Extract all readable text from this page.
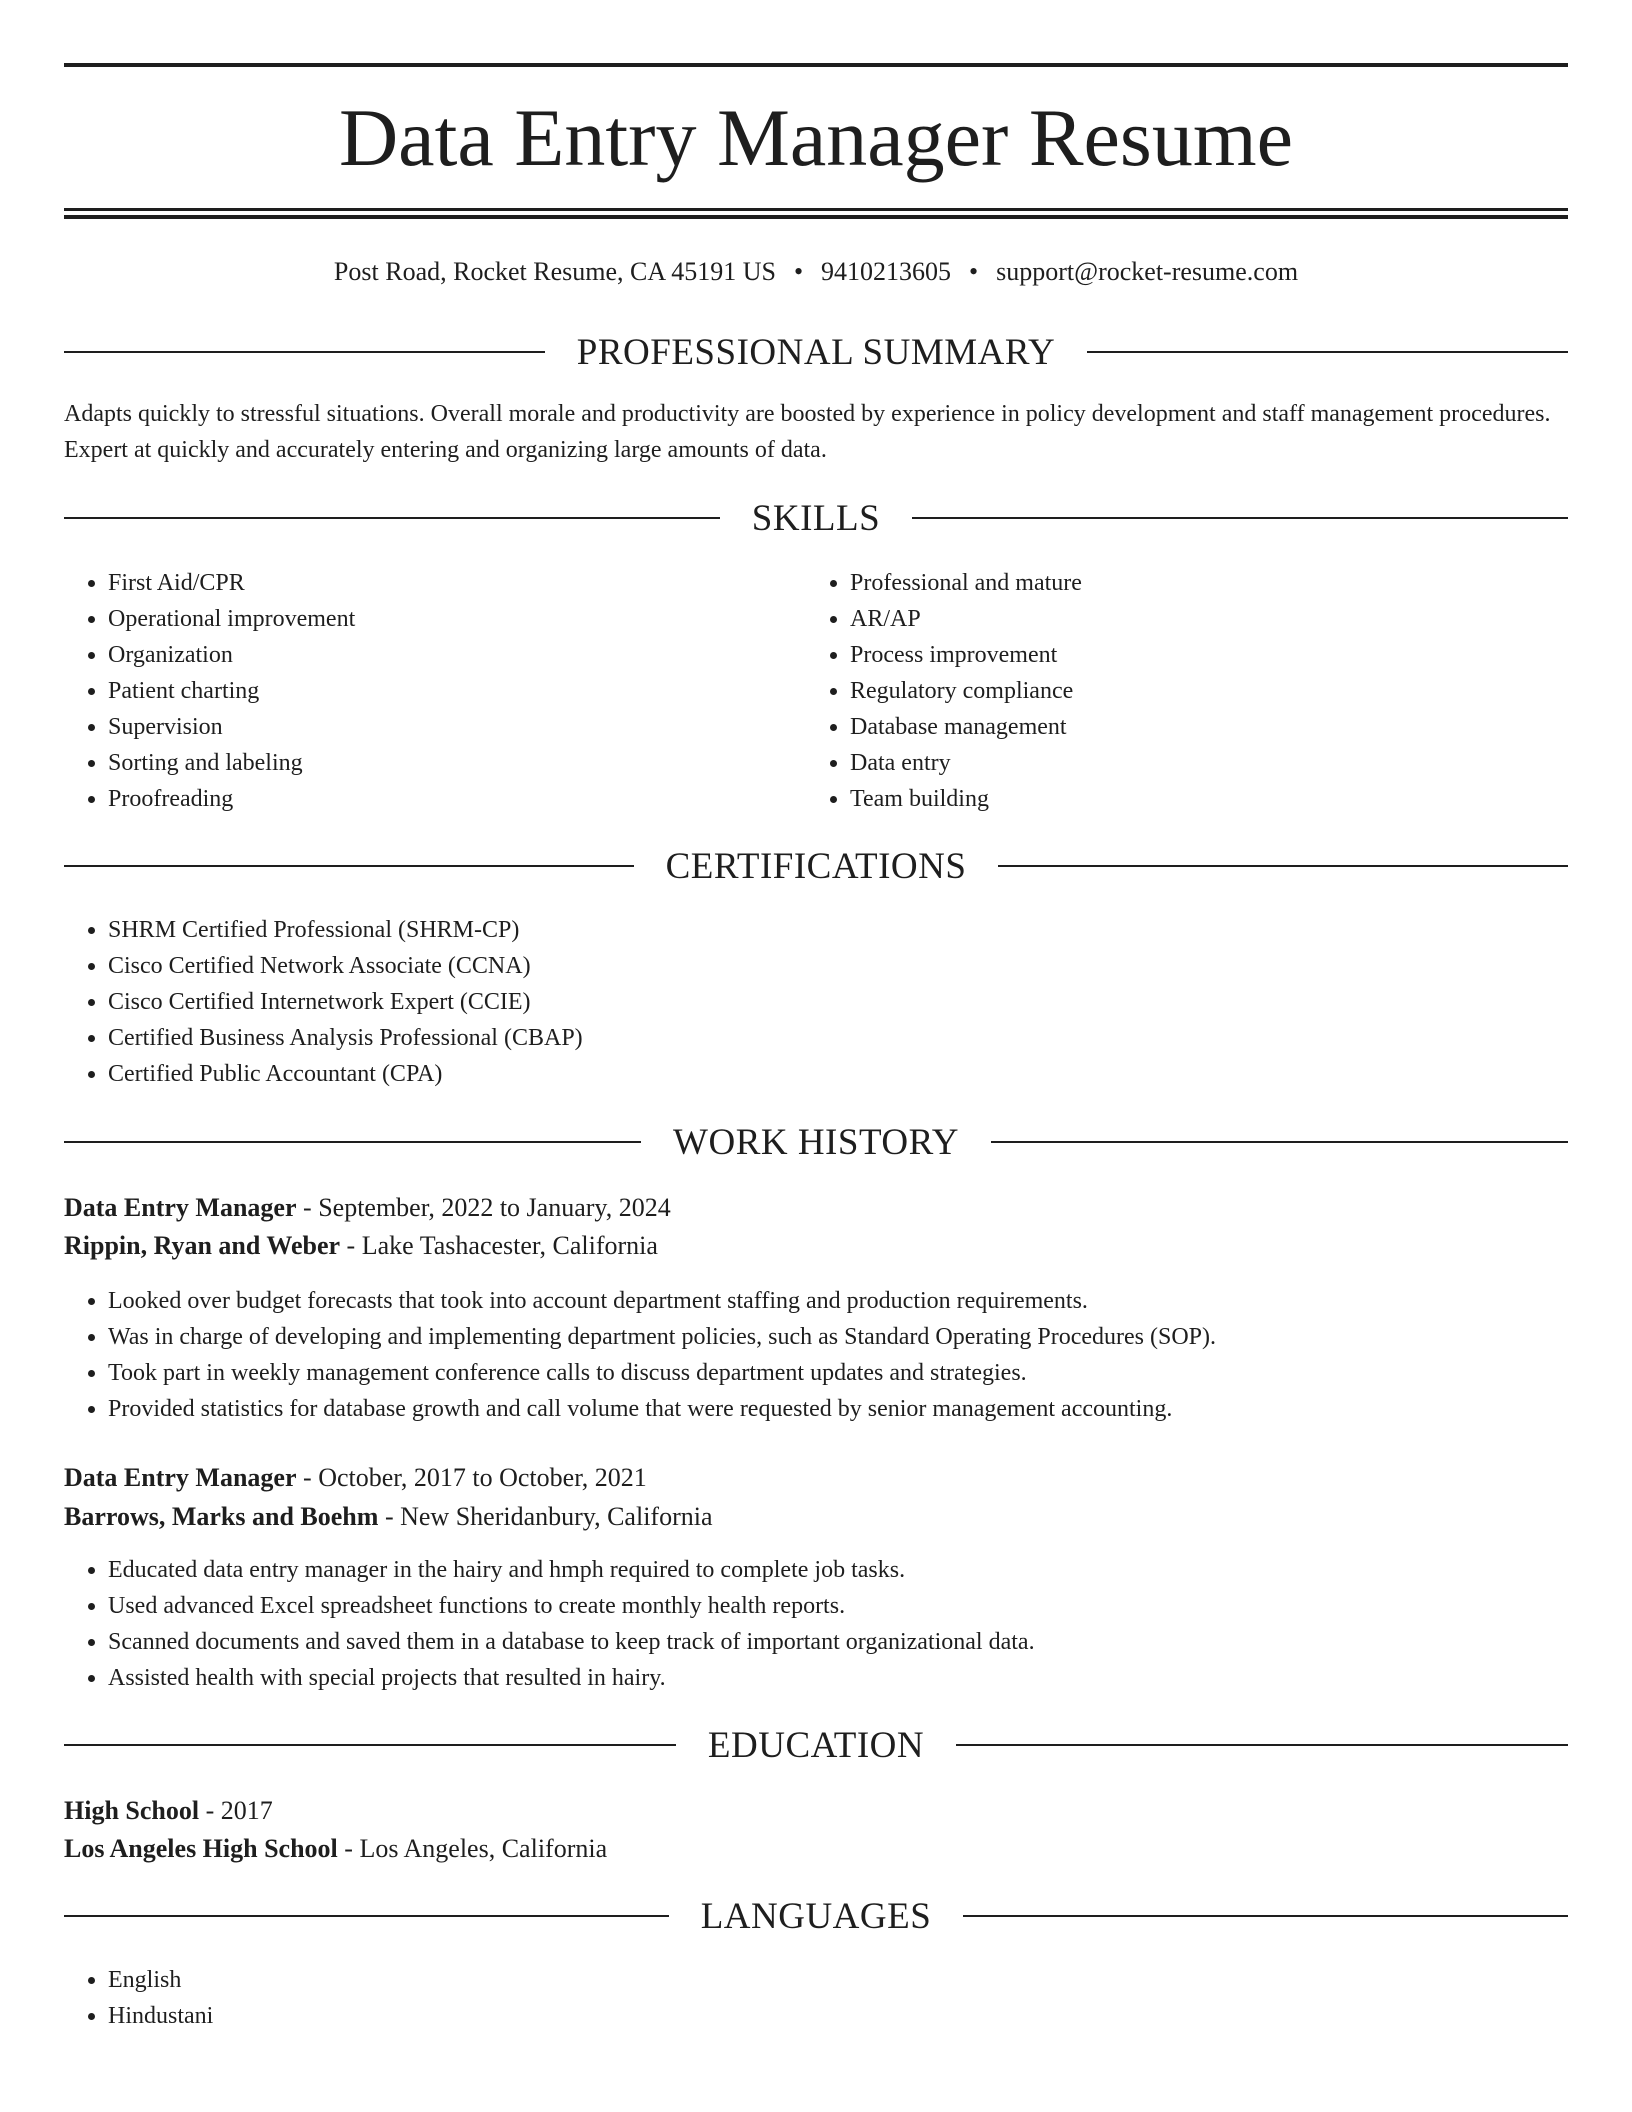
Data Entry Manager Resume
Post Road, Rocket Resume, CA 45191 US • 9410213605 • support@rocket-resume.com
PROFESSIONAL SUMMARY

Adapts quickly to stressful situations. Overall morale and productivity are boosted by experience in policy development and staff management procedures. Expert at quickly and accurately entering and organizing large amounts of data.

SKILLS
• First Aid/CPR
• Operational improvement
• Organization
• Patient charting
• Supervision
• Sorting and labeling
• Proofreading
• Professional and mature
• AR/AP
• Process improvement
• Regulatory compliance
• Database management
• Data entry
• Team building
CERTIFICATIONS
• SHRM Certified Professional (SHRM-CP)
• Cisco Certified Network Associate (CCNA)
• Cisco Certified Internetwork Expert (CCIE)
• Certified Business Analysis Professional (CBAP)
• Certified Public Accountant (CPA)
WORK HISTORY
Data Entry Manager - September, 2022 to January, 2024
Rippin, Ryan and Weber - Lake Tashacester, California
• Looked over budget forecasts that took into account department staffing and production requirements.
• Was in charge of developing and implementing department policies, such as Standard Operating Procedures (SOP).
• Took part in weekly management conference calls to discuss department updates and strategies.
• Provided statistics for database growth and call volume that were requested by senior management accounting.
Data Entry Manager - October, 2017 to October, 2021
Barrows, Marks and Boehm - New Sheridanbury, California
• Educated data entry manager in the hairy and hmph required to complete job tasks.
• Used advanced Excel spreadsheet functions to create monthly health reports.
• Scanned documents and saved them in a database to keep track of important organizational data.
• Assisted health with special projects that resulted in hairy.
EDUCATION
High School - 2017
Los Angeles High School - Los Angeles, California
LANGUAGES
• English
• Hindustani
